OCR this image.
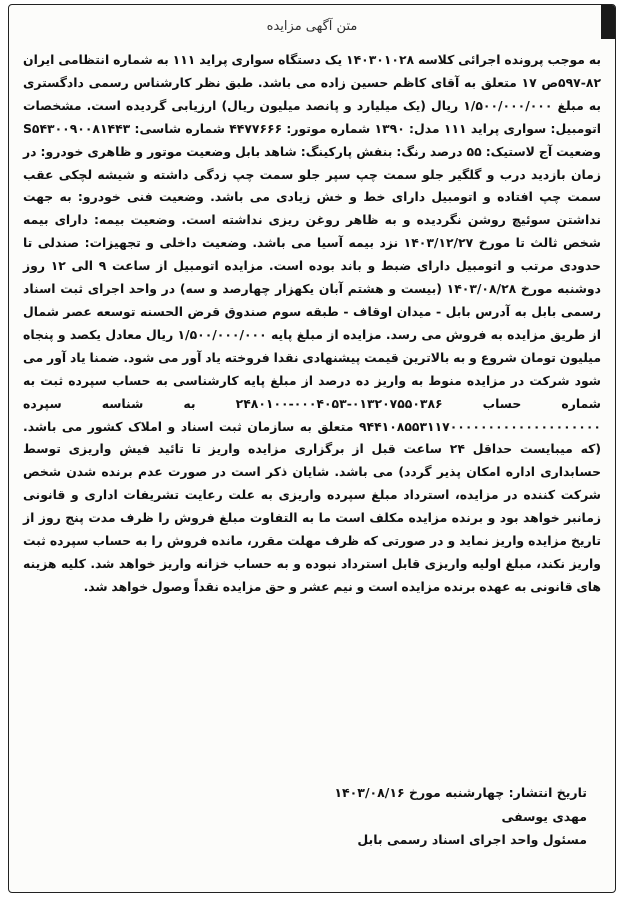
متن آگهی مزایده

به موجب پرونده اجرائی کلاسه ۱۴۰۳۰۱۰۲۸ یک دستگاه سواری پراید ۱۱۱ به شماره انتظامی ایران ۸۲-۵۹۷ص ۱۷ متعلق به آقای کاظم حسین زاده می باشد. طبق نظر کارشناس رسمی دادگستری به مبلغ ۱/۵۰۰/۰۰۰/۰۰۰ ریال (یک میلیارد و پانصد میلیون ریال) ارزیابی گردیده است. مشخصات اتومبیل: سواری پراید ۱۱۱ مدل: ۱۳۹۰ شماره موتور: ۴۴۷۷۶۶۶ شماره شاسی: S۵۴۳۰۰۹۰۰۸۱۴۴۳ وضعیت آج لاستیک: ۵۵ درصد رنگ: بنفش پارکینگ: شاهد بابل وضعیت موتور و ظاهری خودرو: در زمان بازدید درب و گلگیر جلو سمت چپ سپر جلو سمت چپ زدگی داشته و شیشه لچکی عقب سمت چپ افتاده و اتومبیل دارای خط و خش زیادی می باشد. وضعیت فنی خودرو: به جهت نداشتن سوئیچ روشن نگردیده و به ظاهر روغن ریزی نداشته است. وضعیت بیمه: دارای بیمه شخص ثالث تا مورخ ۱۴۰۳/۱۲/۲۷ نزد بیمه آسیا می باشد. وضعیت داخلی و تجهیزات: صندلی تا حدودی مرتب و اتومبیل دارای ضبط و باند بوده است. مزایده اتومبیل از ساعت ۹ الی ۱۲ روز دوشنبه مورخ ۱۴۰۳/۰۸/۲۸ (بیست و هشتم آبان یکهزار چهارصد و سه) در واحد اجرای ثبت اسناد رسمی بابل به آدرس بابل - میدان اوقاف - طبقه سوم صندوق قرض الحسنه توسعه عصر شمال از طریق مزایده به فروش می رسد. مزایده از مبلغ پایه ۱/۵۰۰/۰۰۰/۰۰۰ ریال معادل یکصد و پنجاه میلیون تومان شروع و به بالاترین قیمت پیشنهادی نقدا فروخته یاد آور می شود. ضمنا یاد آور می شود شرکت در مزایده منوط به واریز ده درصد از مبلغ پایه کارشناسی به حساب سپرده ثبت به شماره حساب ۰۱۳۲۰۷۵۵۰۳۸۶-۰۰۰۴۰۵۳-۲۴۸۰۱۰۰ به شناسه سپرده ۹۴۴۱۰۸۵۵۳۱۱۷۰۰۰۰۰۰۰۰۰۰۰۰۰۰۰۰۰۰۰۰ متعلق به سازمان ثبت اسناد و املاک کشور می باشد. (که میبایست حداقل ۲۴ ساعت قبل از برگزاری مزایده واریز تا تائید فیش واریزی توسط حسابداری اداره امکان پذیر گردد) می باشد. شایان ذکر است در صورت عدم برنده شدن شخص شرکت کننده در مزایده، استرداد مبلغ سپرده واریزی به علت رعایت تشریفات اداری و قانونی زمانبر خواهد بود و برنده مزایده مکلف است ما به التفاوت مبلغ فروش را ظرف مدت پنج روز از تاریخ مزایده واریز نماید و در صورتی که ظرف مهلت مقرر، مانده فروش را به حساب سپرده ثبت واریز نکند، مبلغ اولیه واریزی قابل استرداد نبوده و به حساب خزانه واریز خواهد شد. کلیه هزینه های قانونی به عهده برنده مزایده است و نیم عشر و حق مزایده نقداً وصول خواهد شد.

تاریخ انتشار: چهارشنبه مورخ ۱۴۰۳/۰۸/۱۶
مهدی یوسفی
مسئول واحد اجرای اسناد رسمی بابل
